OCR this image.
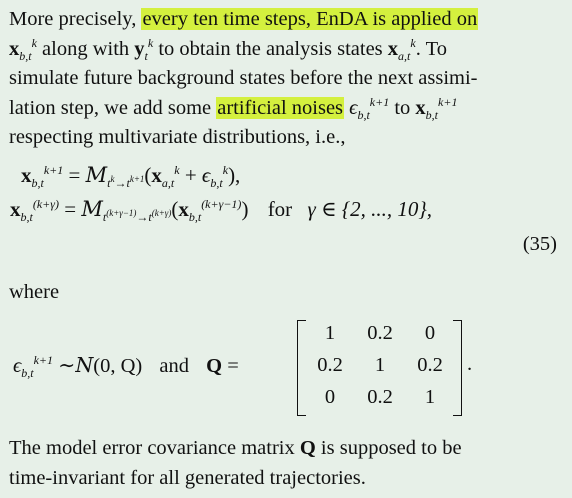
More precisely, every ten time steps, EnDA is applied on
$x_{b,t}^k$ along with $y_t^k$ to obtain the analysis states $x_{a,t}^k$. To
simulate future background states before the next assimi-
lation step, we add some artificial noises $\epsilon_{b,t}^{k+1}$ to $x_{b,t}^{k+1}$
respecting multivariate distributions, i.e.,
$x_{b,t}^{k+1} = M_{t^k\to t^{k+1}}(x_{a,t}^k + \epsilon_{b,t}^k)$,
$x_{b,t}^{(k+\gamma)} = M_{t^{(k+\gamma-1)}\to t^{(k+\gamma)}}(x_{b,t}^{(k+\gamma-1)})$ for γ ∈ {2, ..., 10},
(35)
where
$\epsilon_{b,t}^{k+1}$ ∼N(0, Q) and Q =
1	0.2	0
0.2	1	0.2
0	0.2	1
.
The model error covariance matrix Q is supposed to be
time-invariant for all generated trajectories.
